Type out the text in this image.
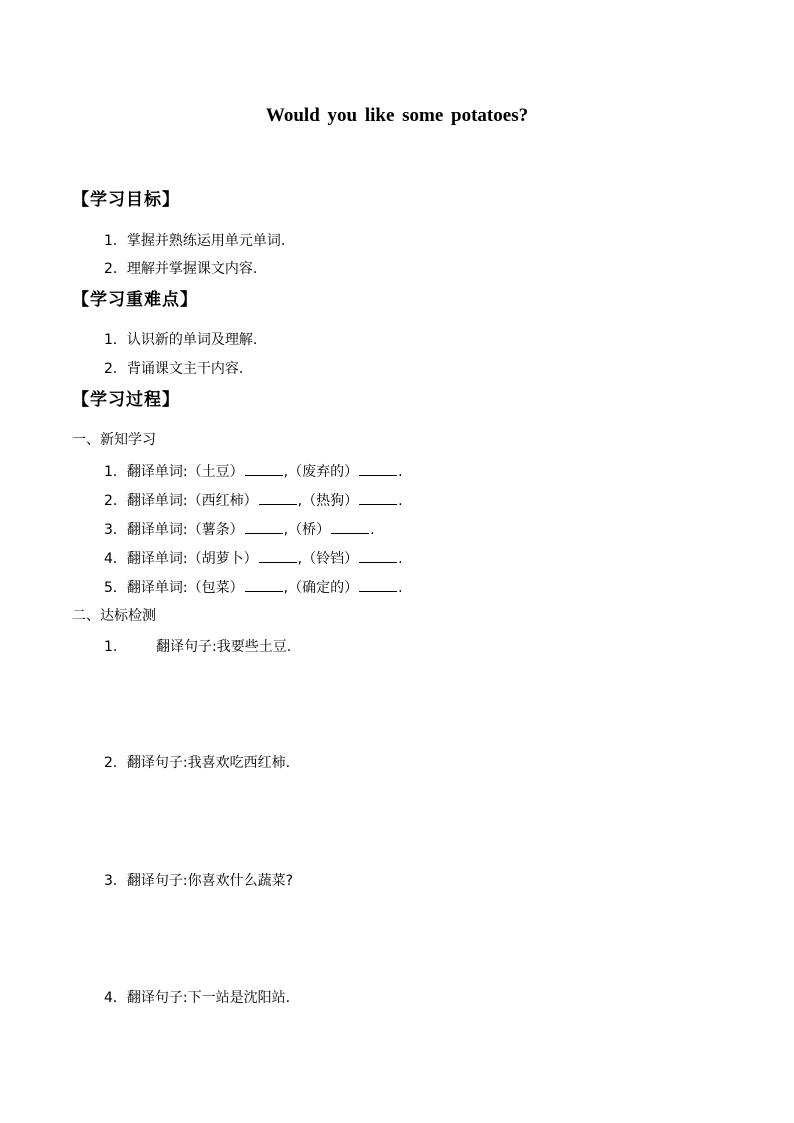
Would you like some potatoes?
【学习目标】
1．掌握并熟练运用单元单词.
2．理解并掌握课文内容.
【学习重难点】
1．认识新的单词及理解.
2．背诵课文主干内容.
【学习过程】
一、新知学习
1．翻译单词:（土豆）	,（废弃的）	.
2．翻译单词:（西红柿）	,（热狗）	.
3．翻译单词:（薯条）	,（桥）	.
4．翻译单词:（胡萝卜）	,（铃铛）	.
5．翻译单词:（包菜）	,（确定的）	.
二、达标检测
1.	翻译句子:我要些土豆.
2．翻译句子:我喜欢吃西红柿.
3．翻译句子:你喜欢什么蔬菜?
4．翻译句子:下一站是沈阳站.
